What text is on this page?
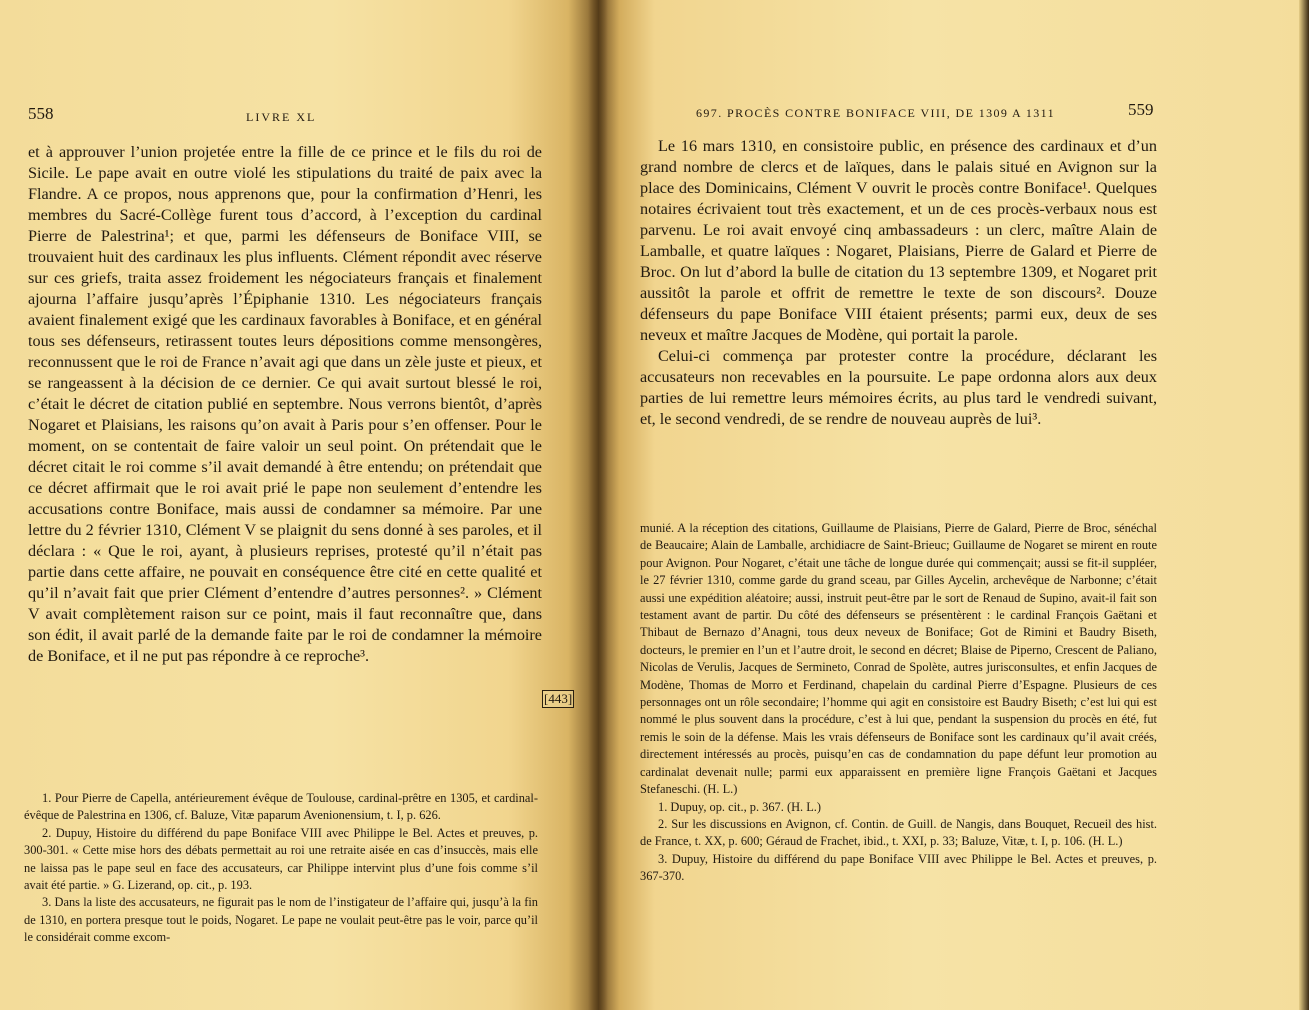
558	LIVRE XL

et à approuver l’union projetée entre la fille de ce prince et le fils du roi de Sicile. Le pape avait en outre violé les stipulations du traité de paix avec la Flandre. A ce propos, nous apprenons que, pour la confirmation d’Henri, les membres du Sacré-Collège furent tous d’accord, à l’exception du cardinal Pierre de Palestrina¹; et que, parmi les défenseurs de Boniface VIII, se trouvaient huit des cardinaux les plus influents. Clément répondit avec réserve sur ces griefs, traita assez froidement les négociateurs français et finalement ajourna l’affaire jusqu’après l’Épiphanie 1310. Les négociateurs français avaient finalement exigé que les cardinaux favorables à Boniface, et en général tous ses défenseurs, retirassent toutes leurs dépositions comme mensongères, reconnussent que le roi de France n’avait agi que dans un zèle juste et pieux, et se rangeassent à la décision de ce dernier. Ce qui avait surtout blessé le roi, c’était le décret de citation publié en septembre. Nous verrons bientôt, d’après Nogaret et Plaisians, les raisons qu’on avait à Paris pour s’en offenser. Pour le moment, on se contentait de faire valoir un seul point. On prétendait que le décret citait le roi comme s’il avait demandé à être entendu; on prétendait que ce décret affirmait que le roi avait prié le pape non seulement d’entendre les accusations contre Boniface, mais aussi de condamner sa mémoire. Par une lettre du 2 février 1310, Clément V se plaignit du sens donné à ses paroles, et il déclara : « Que le roi, ayant, à plusieurs reprises, protesté qu’il n’était pas partie dans cette affaire, ne pouvait en conséquence être cité en cette qualité et qu’il n’avait fait que prier Clément d’entendre d’autres personnes². » Clément V avait complètement raison sur ce point, mais il faut reconnaître que, dans son édit, il avait parlé de la demande faite par le roi de condamner la mémoire de Boniface, et il ne put pas répondre à ce reproche³.

[443]

1. Pour Pierre de Capella, antérieurement évêque de Toulouse, cardinal-prêtre en 1305, et cardinal-évêque de Palestrina en 1306, cf. Baluze, Vitæ paparum Avenionensium, t. I, p. 626.

2. Dupuy, Histoire du différend du pape Boniface VIII avec Philippe le Bel. Actes et preuves, p. 300-301. « Cette mise hors des débats permettait au roi une retraite aisée en cas d’insuccès, mais elle ne laissa pas le pape seul en face des accusateurs, car Philippe intervint plus d’une fois comme s’il avait été partie. » G. Lizerand, op. cit., p. 193.

3. Dans la liste des accusateurs, ne figurait pas le nom de l’instigateur de l’affaire qui, jusqu’à la fin de 1310, en portera presque tout le poids, Nogaret. Le pape ne voulait peut-être pas le voir, parce qu’il le considérait comme excom-

697. PROCÈS CONTRE BONIFACE VIII, DE 1309 A 1311	559

Le 16 mars 1310, en consistoire public, en présence des cardinaux et d’un grand nombre de clercs et de laïques, dans le palais situé en Avignon sur la place des Dominicains, Clément V ouvrit le procès contre Boniface¹. Quelques notaires écrivaient tout très exactement, et un de ces procès-verbaux nous est parvenu. Le roi avait envoyé cinq ambassadeurs : un clerc, maître Alain de Lamballe, et quatre laïques : Nogaret, Plaisians, Pierre de Galard et Pierre de Broc. On lut d’abord la bulle de citation du 13 septembre 1309, et Nogaret prit aussitôt la parole et offrit de remettre le texte de son discours². Douze défenseurs du pape Boniface VIII étaient présents; parmi eux, deux de ses neveux et maître Jacques de Modène, qui portait la parole.

Celui-ci commença par protester contre la procédure, déclarant les accusateurs non recevables en la poursuite. Le pape ordonna alors aux deux parties de lui remettre leurs mémoires écrits, au plus tard le vendredi suivant, et, le second vendredi, de se rendre de nouveau auprès de lui³.

munié. A la réception des citations, Guillaume de Plaisians, Pierre de Galard, Pierre de Broc, sénéchal de Beaucaire; Alain de Lamballe, archidiacre de Saint-Brieuc; Guillaume de Nogaret se mirent en route pour Avignon. Pour Nogaret, c’était une tâche de longue durée qui commençait; aussi se fit-il suppléer, le 27 février 1310, comme garde du grand sceau, par Gilles Aycelin, archevêque de Narbonne; c’était aussi une expédition aléatoire; aussi, instruit peut-être par le sort de Renaud de Supino, avait-il fait son testament avant de partir. Du côté des défenseurs se présentèrent : le cardinal François Gaëtani et Thibaut de Bernazo d’Anagni, tous deux neveux de Boniface; Got de Rimini et Baudry Biseth, docteurs, le premier en l’un et l’autre droit, le second en décret; Blaise de Piperno, Crescent de Paliano, Nicolas de Verulis, Jacques de Sermineto, Conrad de Spolète, autres jurisconsultes, et enfin Jacques de Modène, Thomas de Morro et Ferdinand, chapelain du cardinal Pierre d’Espagne. Plusieurs de ces personnages ont un rôle secondaire; l’homme qui agit en consistoire est Baudry Biseth; c’est lui qui est nommé le plus souvent dans la procédure, c’est à lui que, pendant la suspension du procès en été, fut remis le soin de la défense. Mais les vrais défenseurs de Boniface sont les cardinaux qu’il avait créés, directement intéressés au procès, puisqu’en cas de condamnation du pape défunt leur promotion au cardinalat devenait nulle; parmi eux apparaissent en première ligne François Gaëtani et Jacques Stefaneschi. (H. L.)

1. Dupuy, op. cit., p. 367. (H. L.)

2. Sur les discussions en Avignon, cf. Contin. de Guill. de Nangis, dans Bouquet, Recueil des hist. de France, t. XX, p. 600; Géraud de Frachet, ibid., t. XXI, p. 33; Baluze, Vitæ, t. I, p. 106. (H. L.)

3. Dupuy, Histoire du différend du pape Boniface VIII avec Philippe le Bel. Actes et preuves, p. 367-370.
